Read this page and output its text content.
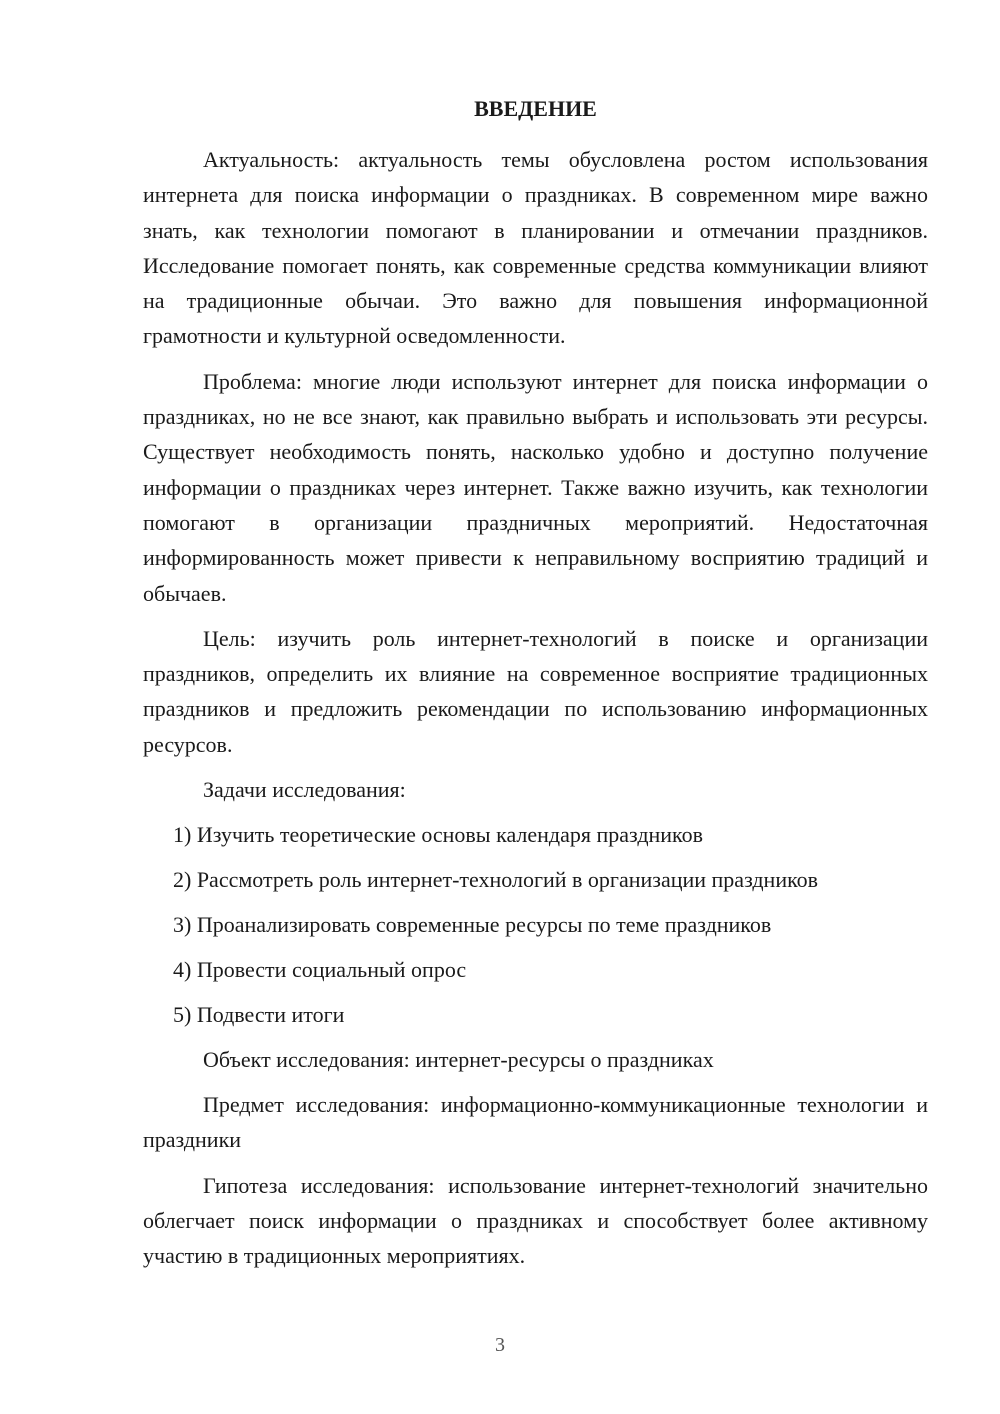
ВВЕДЕНИЕ

Актуальность: актуальность темы обусловлена ростом использования интернета для поиска информации о праздниках. В современном мире важно знать, как технологии помогают в планировании и отмечании праздников. Исследование помогает понять, как современные средства коммуникации влияют на традиционные обычаи. Это важно для повышения информационной грамотности и культурной осведомленности.

Проблема: многие люди используют интернет для поиска информации о праздниках, но не все знают, как правильно выбрать и использовать эти ресурсы. Существует необходимость понять, насколько удобно и доступно получение информации о праздниках через интернет. Также важно изучить, как технологии помогают в организации праздничных мероприятий. Недостаточная информированность может привести к неправильному восприятию традиций и обычаев.

Цель: изучить роль интернет-технологий в поиске и организации праздников, определить их влияние на современное восприятие традиционных праздников и предложить рекомендации по использованию информационных ресурсов.

Задачи исследования:
1) Изучить теоретические основы календаря праздников
2) Рассмотреть роль интернет-технологий в организации праздников
3) Проанализировать современные ресурсы по теме праздников
4) Провести социальный опрос
5) Подвести итоги
Объект исследования: интернет-ресурсы о праздниках

Предмет исследования: информационно-коммуникационные технологии и праздники

Гипотеза исследования: использование интернет-технологий значительно облегчает поиск информации о праздниках и способствует более активному участию в традиционных мероприятиях.

3
